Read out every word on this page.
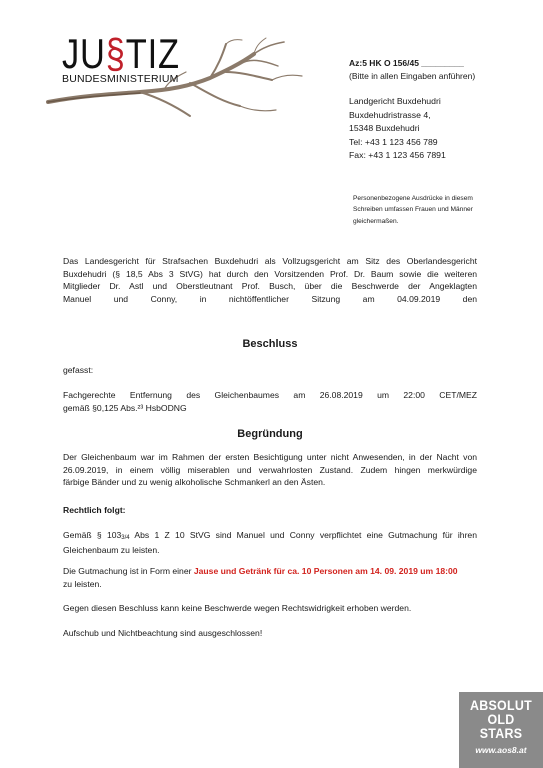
JU§TIZ
BUNDESMINISTERIUM
Az:5 HK O 156/45 _________
(Bitte in allen Eingaben anführen)
Landgericht Buxdehudri
Buxdehudristrasse 4,
15348 Buxdehudri
Tel: +43 1 123 456 789
Fax: +43 1 123 456 7891
Personenbezogene Ausdrücke in diesem Schreiben umfassen Frauen und Männer gleichermaßen.
Das Landesgericht für Strafsachen Buxdehudri als Vollzugsgericht am Sitz des Oberlandesgericht
Buxdehudri (§ 18,5 Abs 3 StVG) hat durch den Vorsitzenden Prof. Dr. Baum sowie die weiteren
Mitglieder Dr. Astl und Oberstleutnant Prof. Busch, über die Beschwerde der Angeklagten
Manuel und Conny, in nichtöffentlicher Sitzung am 04.09.2019 den
Beschluss
gefasst:
Fachgerechte Entfernung des Gleichenbaumes am 26.08.2019 um 22:00 CET/MEZ
gemäß §0,125 Abs.²³ HsbODNG
Begründung
Der Gleichenbaum war im Rahmen der ersten Besichtigung unter nicht Anwesenden, in der Nacht von
26.09.2019, in einem völlig miserablen und verwahrlosten Zustand. Zudem hingen merkwürdige
färbige Bänder und zu wenig alkoholische Schmankerl an den Ästen.
Rechtlich folgt:
Gemäß § $103_{3/4}$ Abs 1 Z 10 StVG sind Manuel und Conny verpflichtet eine Gutmachung für ihren
Gleichenbaum zu leisten.
Die Gutmachung ist in Form einer Jause und Getränk für ca. 10 Personen am 14. 09. 2019 um 18:00
zu leisten.
Gegen diesen Beschluss kann keine Beschwerde wegen Rechtswidrigkeit erhoben werden.
Aufschub und Nichtbeachtung sind ausgeschlossen!
ABSOLUT
OLD
STARS
www.aos8.at
